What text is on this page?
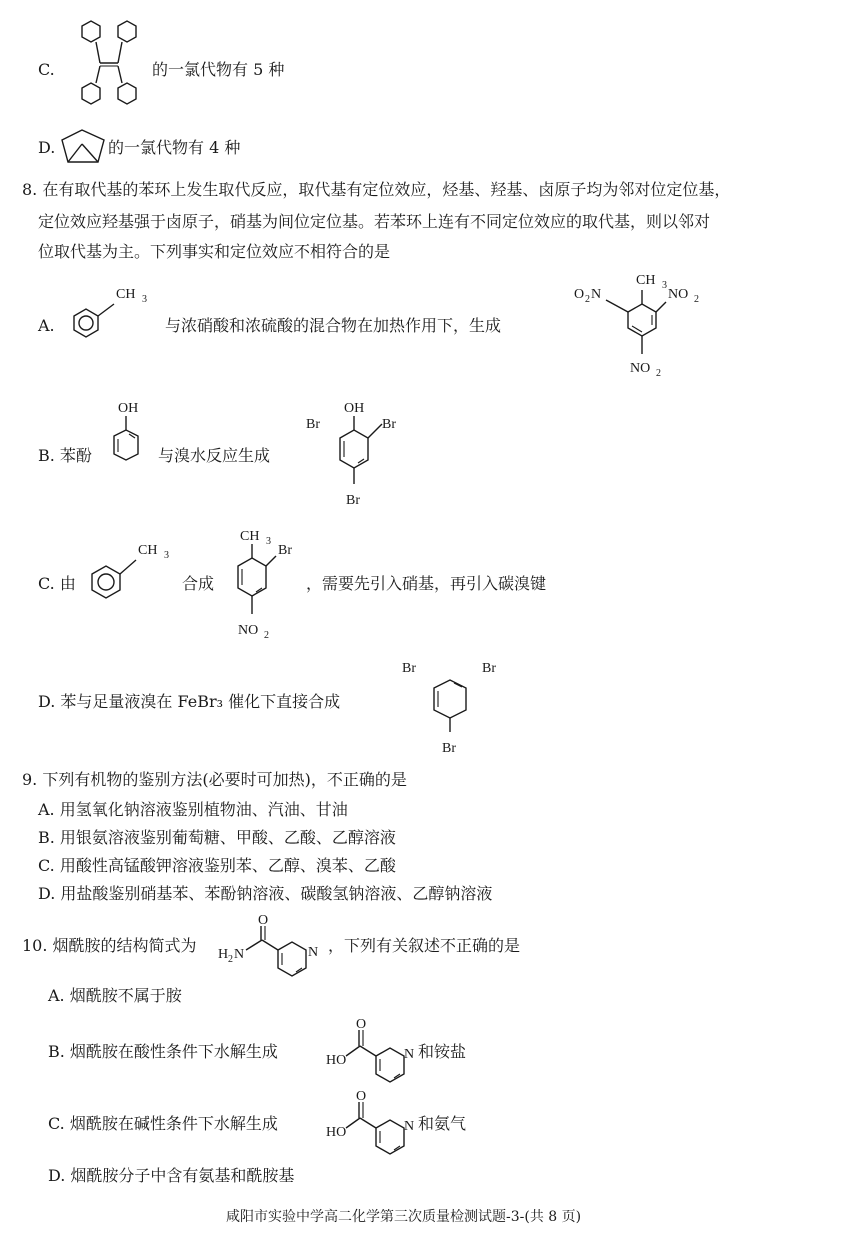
C.	的一氯代物有 5 种
D.	的一氯代物有 4 种
8. 在有取代基的苯环上发生取代反应，取代基有定位效应，烃基、羟基、卤原子均为邻对位定位基，
定位效应羟基强于卤原子，硝基为间位定位基。若苯环上连有不同定位效应的取代基，则以邻对
位取代基为主。下列事实和定位效应不相符合的是
A.
CH 3
与浓硝酸和浓硫酸的混合物在加热作用下，生成
CH 3
O 2 N	NO 2
NO 2
B. 苯酚
OH
与溴水反应生成
Br
OH
Br
Br
C. 由
CH 3
合成
CH 3
Br
NO 2
，需要先引入硝基，再引入碳溴键
D. 苯与足量液溴在 FeBr₃ 催化下直接合成
Br	Br
Br
9. 下列有机物的鉴别方法(必要时可加热)，不正确的是
A. 用氢氧化钠溶液鉴别植物油、汽油、甘油
B. 用银氨溶液鉴别葡萄糖、甲酸、乙酸、乙醇溶液
C. 用酸性高锰酸钾溶液鉴别苯、乙醇、溴苯、乙酸
D. 用盐酸鉴别硝基苯、苯酚钠溶液、碳酸氢钠溶液、乙醇钠溶液
10. 烟酰胺的结构简式为 H 2 N
O
N ，下列有关叙述不正确的是
A. 烟酰胺不属于胺
B. 烟酰胺在酸性条件下水解生成	HO
O
N 和铵盐
C. 烟酰胺在碱性条件下水解生成	HO
O
N 和氨气
D. 烟酰胺分子中含有氨基和酰胺基
咸阳市实验中学高二化学第三次质量检测试题-3-(共 8 页)
